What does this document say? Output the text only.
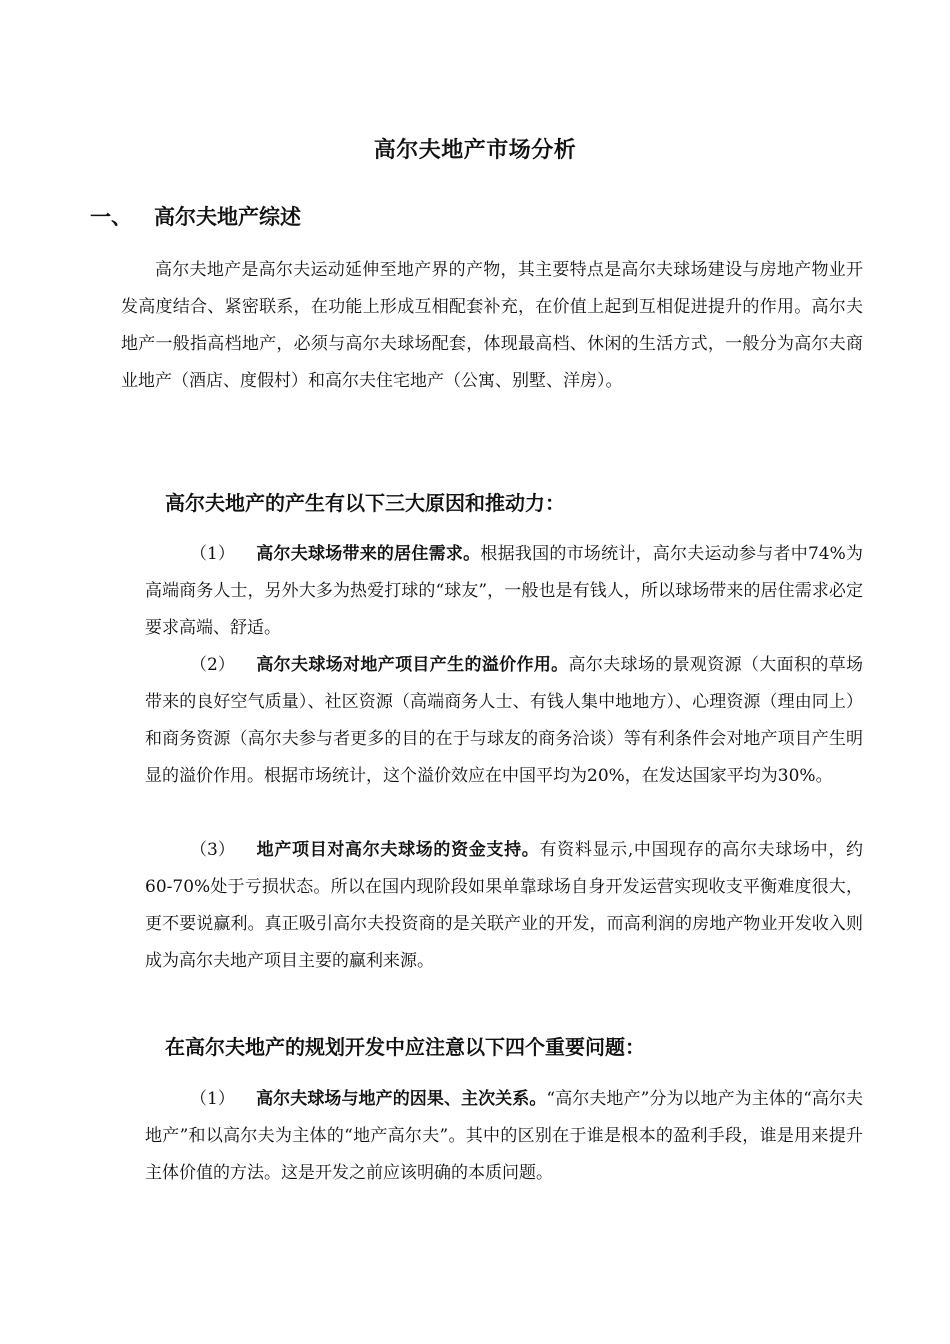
高尔夫地产市场分析
一、 高尔夫地产综述

高尔夫地产是高尔夫运动延伸至地产界的产物，其主要特点是高尔夫球场建设与房地产物业开发高度结合、紧密联系，在功能上形成互相配套补充，在价值上起到互相促进提升的作用。高尔夫地产一般指高档地产，必须与高尔夫球场配套，体现最高档、休闲的生活方式，一般分为高尔夫商业地产（酒店、度假村）和高尔夫住宅地产（公寓、别墅、洋房）。

高尔夫地产的产生有以下三大原因和推动力：

（1） 高尔夫球场带来的居住需求。根据我国的市场统计，高尔夫运动参与者中74%为高端商务人士，另外大多为热爱打球的“球友”，一般也是有钱人，所以球场带来的居住需求必定要求高端、舒适。

（2） 高尔夫球场对地产项目产生的溢价作用。高尔夫球场的景观资源（大面积的草场带来的良好空气质量）、社区资源（高端商务人士、有钱人集中地地方）、心理资源（理由同上）和商务资源（高尔夫参与者更多的目的在于与球友的商务洽谈）等有利条件会对地产项目产生明显的溢价作用。根据市场统计，这个溢价效应在中国平均为20%，在发达国家平均为30%。

（3） 地产项目对高尔夫球场的资金支持。有资料显示,中国现存的高尔夫球场中，约60-70%处于亏损状态。所以在国内现阶段如果单靠球场自身开发运营实现收支平衡难度很大，更不要说赢利。真正吸引高尔夫投资商的是关联产业的开发，而高利润的房地产物业开发收入则成为高尔夫地产项目主要的赢利来源。

在高尔夫地产的规划开发中应注意以下四个重要问题：

（1） 高尔夫球场与地产的因果、主次关系。“高尔夫地产”分为以地产为主体的“高尔夫地产”和以高尔夫为主体的“地产高尔夫”。其中的区别在于谁是根本的盈利手段，谁是用来提升主体价值的方法。这是开发之前应该明确的本质问题。
